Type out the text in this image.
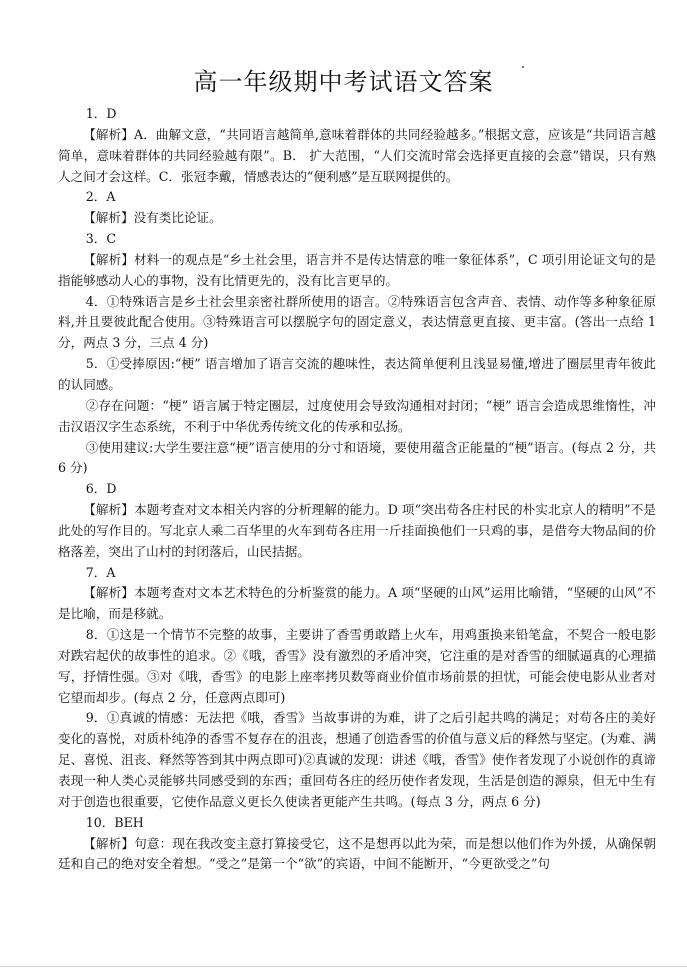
高一年级期中考试语文答案

1．D

【解析】A．曲解文意，“共同语言越简单,意味着群体的共同经验越多。”根据文意，应该是“共同语言越简单，意味着群体的共同经验越有限”。B． 扩大范围，“人们交流时常会选择更直接的会意”错误，只有熟人之间才会这样。C．张冠李戴，情感表达的“便利感”是互联网提供的。

2．A

【解析】没有类比论证。

3．C

【解析】材料一的观点是“乡土社会里，语言并不是传达情意的唯一象征体系”，C 项引用论证文句的是指能够感动人心的事物，没有比情更先的，没有比言更早的。

4．①特殊语言是乡土社会里亲密社群所使用的语言。②特殊语言包含声音、表情、动作等多种象征原料,并且要彼此配合使用。③特殊语言可以摆脱字句的固定意义，表达情意更直接、更丰富。(答出一点给 1 分，两点 3 分，三点 4 分)

5．①受捧原因:“梗” 语言增加了语言交流的趣味性，表达简单便利且浅显易懂,增进了圈层里青年彼此的认同感。

②存在问题：“梗” 语言属于特定圈层，过度使用会导致沟通相对封闭；“梗” 语言会造成思维惰性，冲击汉语汉字生态系统，不利于中华优秀传统文化的传承和弘扬。

③使用建议:大学生要注意“梗”语言使用的分寸和语境，要使用蕴含正能量的“梗”语言。(每点 2 分，共 6 分)

6．D

【解析】本题考查对文本相关内容的分析理解的能力。D 项“突出苟各庄村民的朴实北京人的精明”不是此处的写作目的。写北京人乘二百华里的火车到苟各庄用一斤挂面换他们一只鸡的事，是借夸大物品间的价格落差，突出了山村的封闭落后，山民拮据。

7．A

【解析】本题考查对文本艺术特色的分析鉴赏的能力。A 项“坚硬的山风”运用比喻错，“坚硬的山风”不是比喻，而是移就。

8．①这是一个情节不完整的故事，主要讲了香雪勇敢踏上火车，用鸡蛋换来铅笔盒，不契合一般电影对跌宕起伏的故事性的追求。②《哦，香雪》没有激烈的矛盾冲突，它注重的是对香雪的细腻逼真的心理描写，抒情性强。③对《哦，香雪》的电影上座率拷贝数等商业价值市场前景的担忧，可能会使电影从业者对它望而却步。(每点 2 分，任意两点即可)

9．①真诚的情感：无法把《哦，香雪》当故事讲的为难，讲了之后引起共鸣的满足；对苟各庄的美好变化的喜悦，对质朴纯净的香雪不复存在的沮丧，想通了创造香雪的价值与意义后的释然与坚定。(为难、满足、喜悦、沮丧、释然等答到其中两点即可)②真诚的发现：讲述《哦，香雪》使作者发现了小说创作的真谛表现一种人类心灵能够共同感受到的东西；重回苟各庄的经历使作者发现，生活是创造的源泉，但无中生有对于创造也很重要，它使作品意义更长久使读者更能产生共鸣。(每点 3 分，两点 6 分)

10．BEH

【解析】句意：现在我改变主意打算接受它，这不是想再以此为荣，而是想以他们作为外援，从确保朝廷和自己的绝对安全着想。“受之”是第一个“欲”的宾语，中间不能断开，“今更欲受之”句
